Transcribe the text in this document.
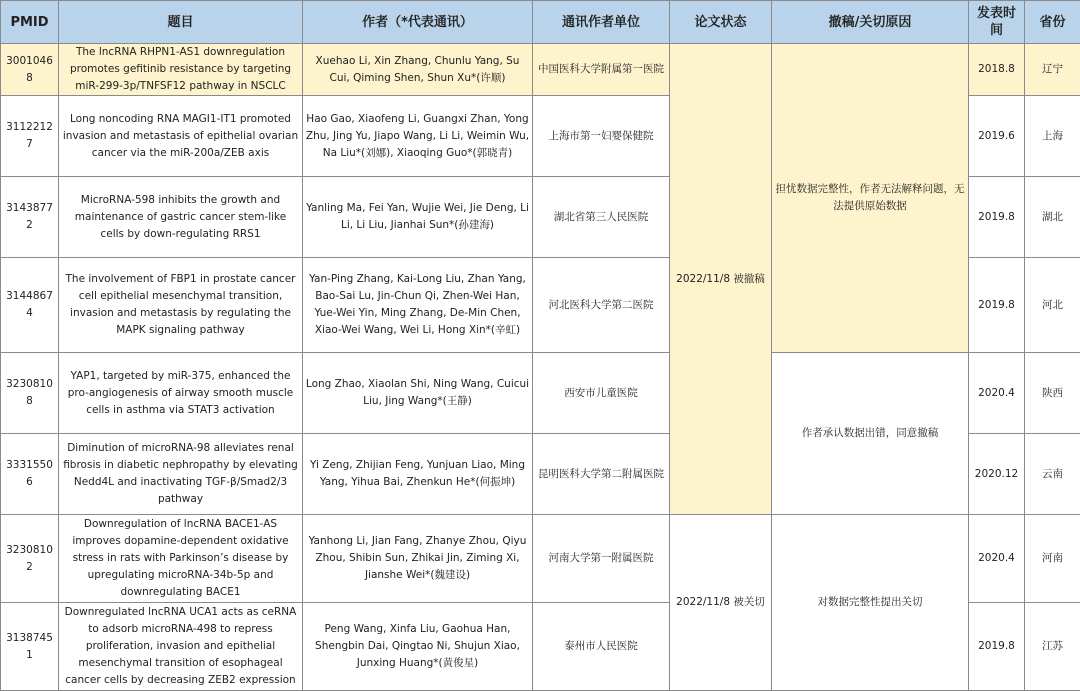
PMID	题目	作者（*代表通讯）	通讯作者单位	论文状态	撤稿/关切原因	发表时间	省份
30010468	The lncRNA RHPN1-AS1 downregulation promotes gefitinib resistance by targeting miR-299-3p/TNFSF12 pathway in NSCLC	Xuehao Li, Xin Zhang, Chunlu Yang, Su Cui, Qiming Shen, Shun Xu*(许顺)	中国医科大学附属第一医院	2022/11/8 被撤稿	担忧数据完整性，作者无法解释问题，无法提供原始数据	2018.8	辽宁
31122127	Long noncoding RNA MAGI1-IT1 promoted invasion and metastasis of epithelial ovarian cancer via the miR-200a/ZEB axis	Hao Gao, Xiaofeng Li, Guangxi Zhan, Yong Zhu, Jing Yu, Jiapo Wang, Li Li, Weimin Wu, Na Liu*(刘娜), Xiaoqing Guo*(郭晓青)	上海市第一妇婴保健院			2019.6	上海
31438772	MicroRNA-598 inhibits the growth and maintenance of gastric cancer stem-like cells by down-regulating RRS1	Yanling Ma, Fei Yan, Wujie Wei, Jie Deng, Li Li, Li Liu, Jianhai Sun*(孙建海)	湖北省第三人民医院			2019.8	湖北
31448674	The involvement of FBP1 in prostate cancer cell epithelial mesenchymal transition, invasion and metastasis by regulating the MAPK signaling pathway	Yan-Ping Zhang, Kai-Long Liu, Zhan Yang, Bao-Sai Lu, Jin-Chun Qi, Zhen-Wei Han, Yue-Wei Yin, Ming Zhang, De-Min Chen, Xiao-Wei Wang, Wei Li, Hong Xin*(辛虹)	河北医科大学第二医院			2019.8	河北
32308108	YAP1, targeted by miR-375, enhanced the pro-angiogenesis of airway smooth muscle cells in asthma via STAT3 activation	Long Zhao, Xiaolan Shi, Ning Wang, Cuicui Liu, Jing Wang*(王静)	西安市儿童医院		作者承认数据出错，同意撤稿	2020.4	陕西
33315506	Diminution of microRNA-98 alleviates renal fibrosis in diabetic nephropathy by elevating Nedd4L and inactivating TGF-β/Smad2/3 pathway	Yi Zeng, Zhijian Feng, Yunjuan Liao, Ming Yang, Yihua Bai, Zhenkun He*(何振坤)	昆明医科大学第二附属医院			2020.12	云南
32308102	Downregulation of lncRNA BACE1-AS improves dopamine-dependent oxidative stress in rats with Parkinson’s disease by upregulating microRNA-34b-5p and downregulating BACE1	Yanhong Li, Jian Fang, Zhanye Zhou, Qiyu Zhou, Shibin Sun, Zhikai Jin, Ziming Xi, Jianshe Wei*(魏建设)	河南大学第一附属医院	2022/11/8 被关切	对数据完整性提出关切	2020.4	河南
31387451	Downregulated lncRNA UCA1 acts as ceRNA to adsorb microRNA-498 to repress proliferation, invasion and epithelial mesenchymal transition of esophageal cancer cells by decreasing ZEB2 expression	Peng Wang, Xinfa Liu, Gaohua Han, Shengbin Dai, Qingtao Ni, Shujun Xiao, Junxing Huang*(黄俊星)	泰州市人民医院			2019.8	江苏
